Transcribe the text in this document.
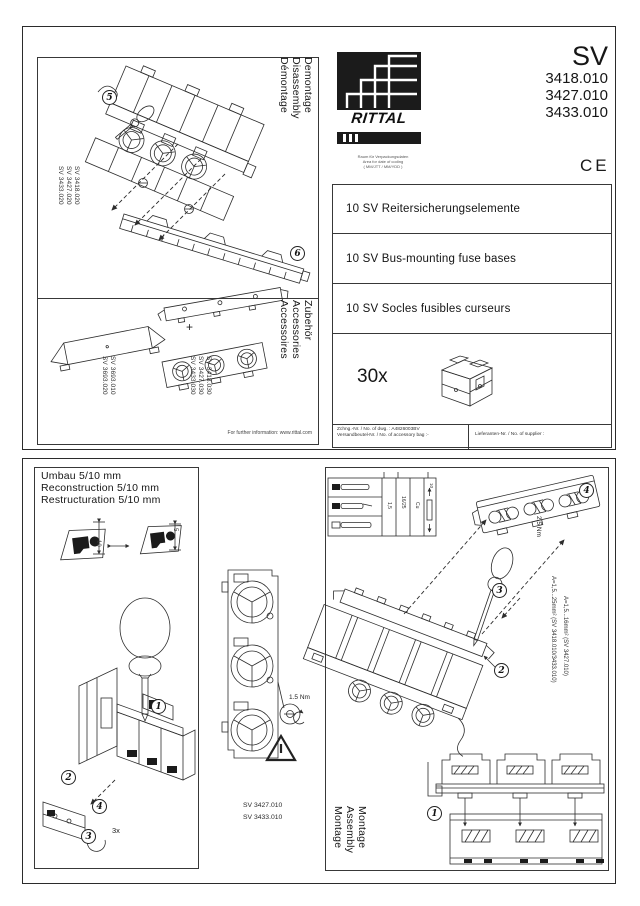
Demontage
Disassembly
Démontage
SV 3418.020
SV 3427.020
SV 3433.020
5
6
+	Zubehör
Accessories
Accessoires
SV 3693.010
SV 3693.020	SV 3418.030
SV 3427.030
SV 3433.030
For further information: www.rittal.com
RITTAL
SV
3418.010
3427.010
3433.010
Raum für Verpackungsdaten
Area for date of coding
( MM/JTT / MM/YDD )	CE
10 SV Reitersicherungselemente
10 SV Bus-mounting fuse bases
10 SV Socles fusibles curseurs
30x
Zchng.-Nr. / No. of dwg. : A4826003BV
Versandbeutel-Nr. / No. of accessory bag :-	Lieferanten-Nr. / No. of supplier :
Umbau 5/10 mm
Reconstruction 5/10 mm
Restructuration 5/10 mm
1
2
4
3
3x
10
5
1.5 Nm
SV 3427.010
SV 3433.010
2,5 Nm
4
3
2
1
A=1,5...25mm² (SV 3418.010/3433.010) A=1,5...16mm² (SV 3427.010)
1,5 16/25 Cu
10
Montage
Assembly
Montage
